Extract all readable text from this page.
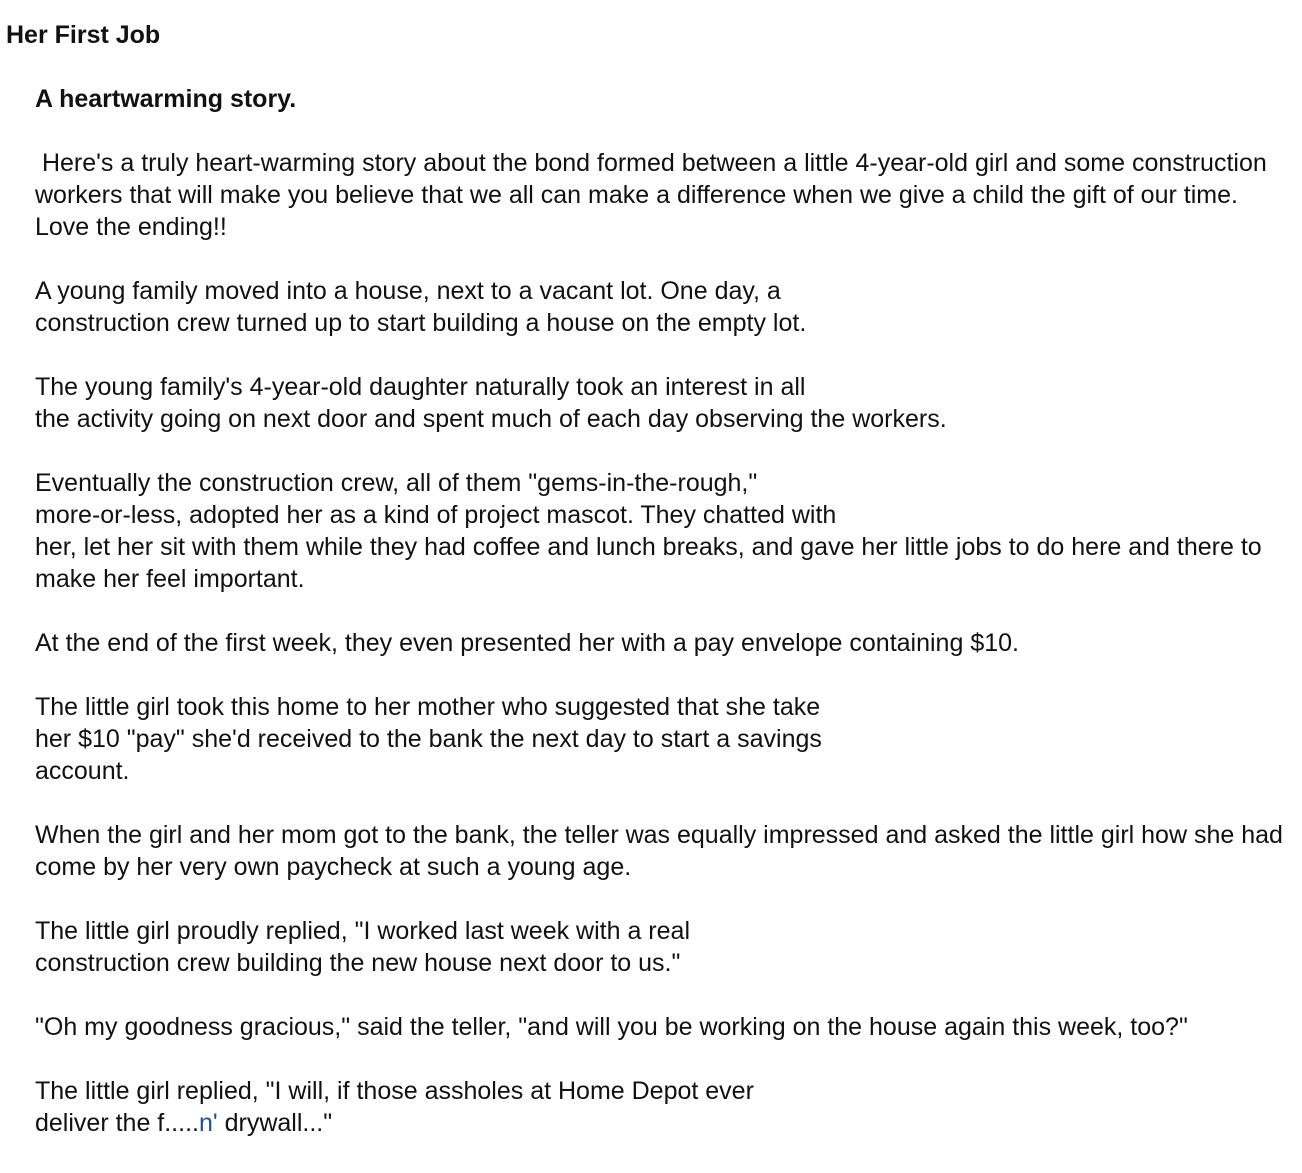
Her First Job

A heartwarming story.

Here's a truly heart-warming story about the bond formed between a little 4-year-old girl and some construction workers that will make you believe that we all can make a difference when we give a child the gift of our time. Love the ending!!

A young family moved into a house, next to a vacant lot. One day, a
construction crew turned up to start building a house on the empty lot.

The young family's 4-year-old daughter naturally took an interest in all
the activity going on next door and spent much of each day observing the workers.

Eventually the construction crew, all of them "gems-in-the-rough,"
more-or-less, adopted her as a kind of project mascot. They chatted with
her, let her sit with them while they had coffee and lunch breaks, and gave her little jobs to do here and there to make her feel important.

At the end of the first week, they even presented her with a pay envelope containing $10.

The little girl took this home to her mother who suggested that she take
her $10 "pay" she'd received to the bank the next day to start a savings
account.

When the girl and her mom got to the bank, the teller was equally impressed and asked the little girl how she had come by her very own paycheck at such a young age.

The little girl proudly replied, "I worked last week with a real
construction crew building the new house next door to us."

"Oh my goodness gracious," said the teller, "and will you be working on the house again this week, too?"

The little girl replied, "I will, if those assholes at Home Depot ever
deliver the f.....n' drywall..."
